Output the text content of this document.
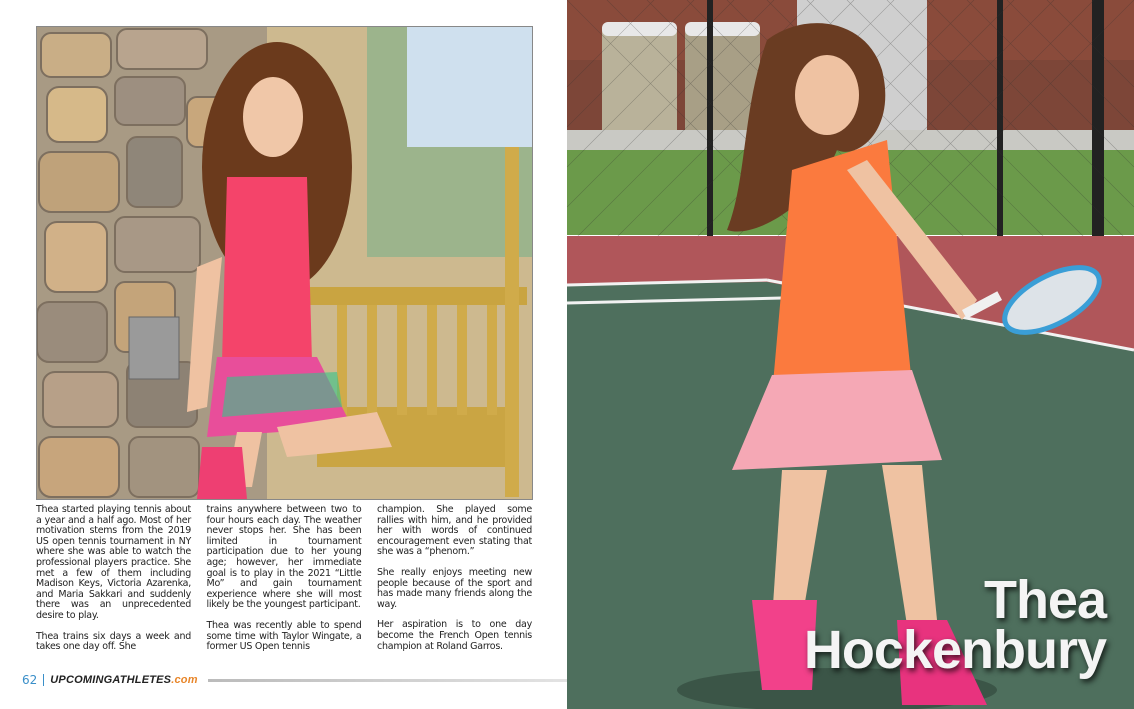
Thea started playing tennis about a year and a half ago. Most of her motivation stems from the 2019 US open tennis tournament in NY where she was able to watch the professional players practice. She met a few of them including Madison Keys, Victoria Azarenka, and Maria Sakkari and suddenly there was an unprecedented desire to play.

Thea trains six days a week and takes one day off. She

trains anywhere between two to four hours each day. The weather never stops her. She has been limited in tournament participation due to her young age; however, her immediate goal is to play in the 2021 “Little Mo” and gain tournament experience where she will most likely be the youngest participant.

Thea was recently able to spend some time with Taylor Wingate, a former US Open tennis

champion. She played some rallies with him, and he provided her with words of continued encouragement even stating that she was a “phenom.”

She really enjoys meeting new people because of the sport and has made many friends along the way.

Her aspiration is to one day become the French Open tennis champion at Roland Garros.

62 UPCOMINGATHLETES.com
Thea
Hockenbury
